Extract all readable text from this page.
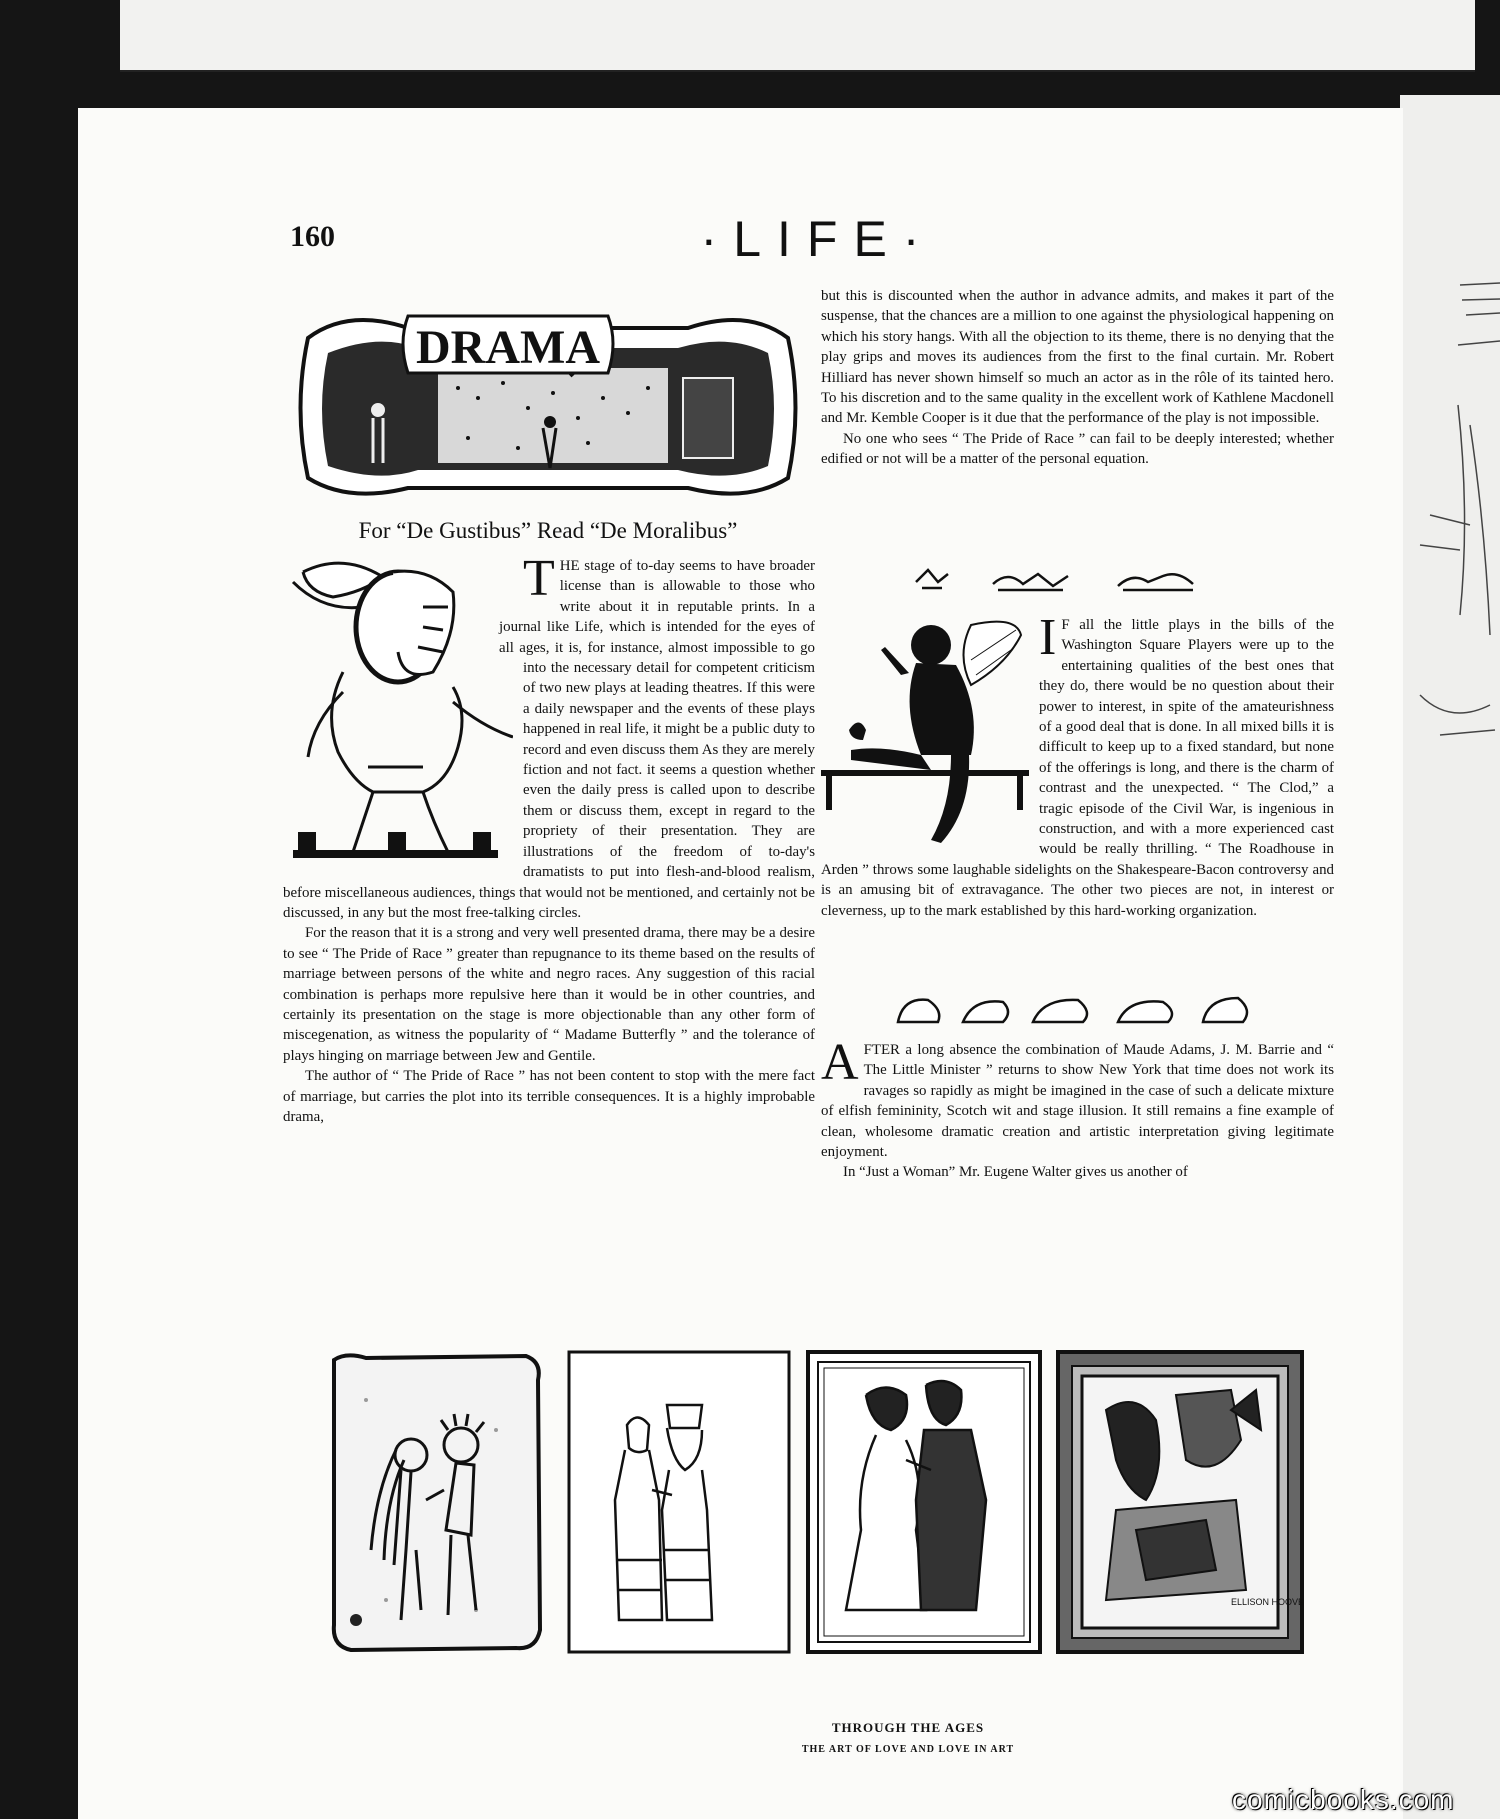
160	·LIFE·
DRAMA
For “De Gustibus” Read “De Moralibus”

THE stage of to-day seems to have broader license than is allowable to those who write about it in reputable prints. In a journal like Life, which is intended for the eyes of all ages, it is, for instance, almost impossible to go into the necessary detail for competent criticism of two new plays at leading theatres. If this were a daily newspaper and the events of these plays happened in real life, it might be a public duty to record and even discuss them As they are merely fiction and not fact. it seems a question whether even the daily press is called upon to describe them or discuss them, except in regard to the propriety of their presentation. They are illustrations of the freedom of to-day's dramatists to put into flesh-and-blood realism, before miscellaneous audiences, things that would not be mentioned, and certainly not be discussed, in any but the most free-talking circles.

For the reason that it is a strong and very well presented drama, there may be a desire to see “ The Pride of Race ” greater than repugnance to its theme based on the results of marriage between persons of the white and negro races. Any suggestion of this racial combination is perhaps more repulsive here than it would be in other countries, and certainly its presentation on the stage is more objectionable than any other form of miscegenation, as witness the popularity of “ Madame Butterfly ” and the tolerance of plays hinging on marriage between Jew and Gentile.

The author of “ The Pride of Race ” has not been content to stop with the mere fact of marriage, but carries the plot into its terrible consequences. It is a highly improbable drama,

but this is discounted when the author in advance admits, and makes it part of the suspense, that the chances are a million to one against the physiological happening on which his story hangs. With all the objection to its theme, there is no denying that the play grips and moves its audiences from the first to the final curtain. Mr. Robert Hilliard has never shown himself so much an actor as in the rôle of its tainted hero. To his discretion and to the same quality in the excellent work of Kathlene Macdonell and Mr. Kemble Cooper is it due that the performance of the play is not impossible.

No one who sees “ The Pride of Race ” can fail to be deeply interested; whether edified or not will be a matter of the personal equation.

I F all the little plays in the bills of the Washington Square Players were up to the entertaining qualities of the best ones that they do, there would be no question about their power to interest, in spite of the amateurishness of a good deal that is done. In all mixed bills it is difficult to keep up to a fixed standard, but none of the offerings is long, and there is the charm of contrast and the unexpected. “ The Clod,” a tragic episode of the Civil War, is ingenious in construction, and with a more experienced cast would be really thrilling. “ The Roadhouse in Arden ” throws some laughable sidelights on the Shakespeare-Bacon controversy and is an amusing bit of extravagance. The other two pieces are not, in interest or cleverness, up to the mark established by this hard-working organization.

AFTER a long absence the combination of Maude Adams, J. M. Barrie and “ The Little Minister ” returns to show New York that time does not work its ravages so rapidly as might be imagined in the case of such a delicate mixture of elfish femininity, Scotch wit and stage illusion. It still remains a fine example of clean, wholesome dramatic creation and artistic interpretation giving legitimate enjoyment.

In “Just a Woman” Mr. Eugene Walter gives us another of

ELLISON HOOVER
THROUGH THE AGES
THE ART OF LOVE AND LOVE IN ART
comicbooks.com
